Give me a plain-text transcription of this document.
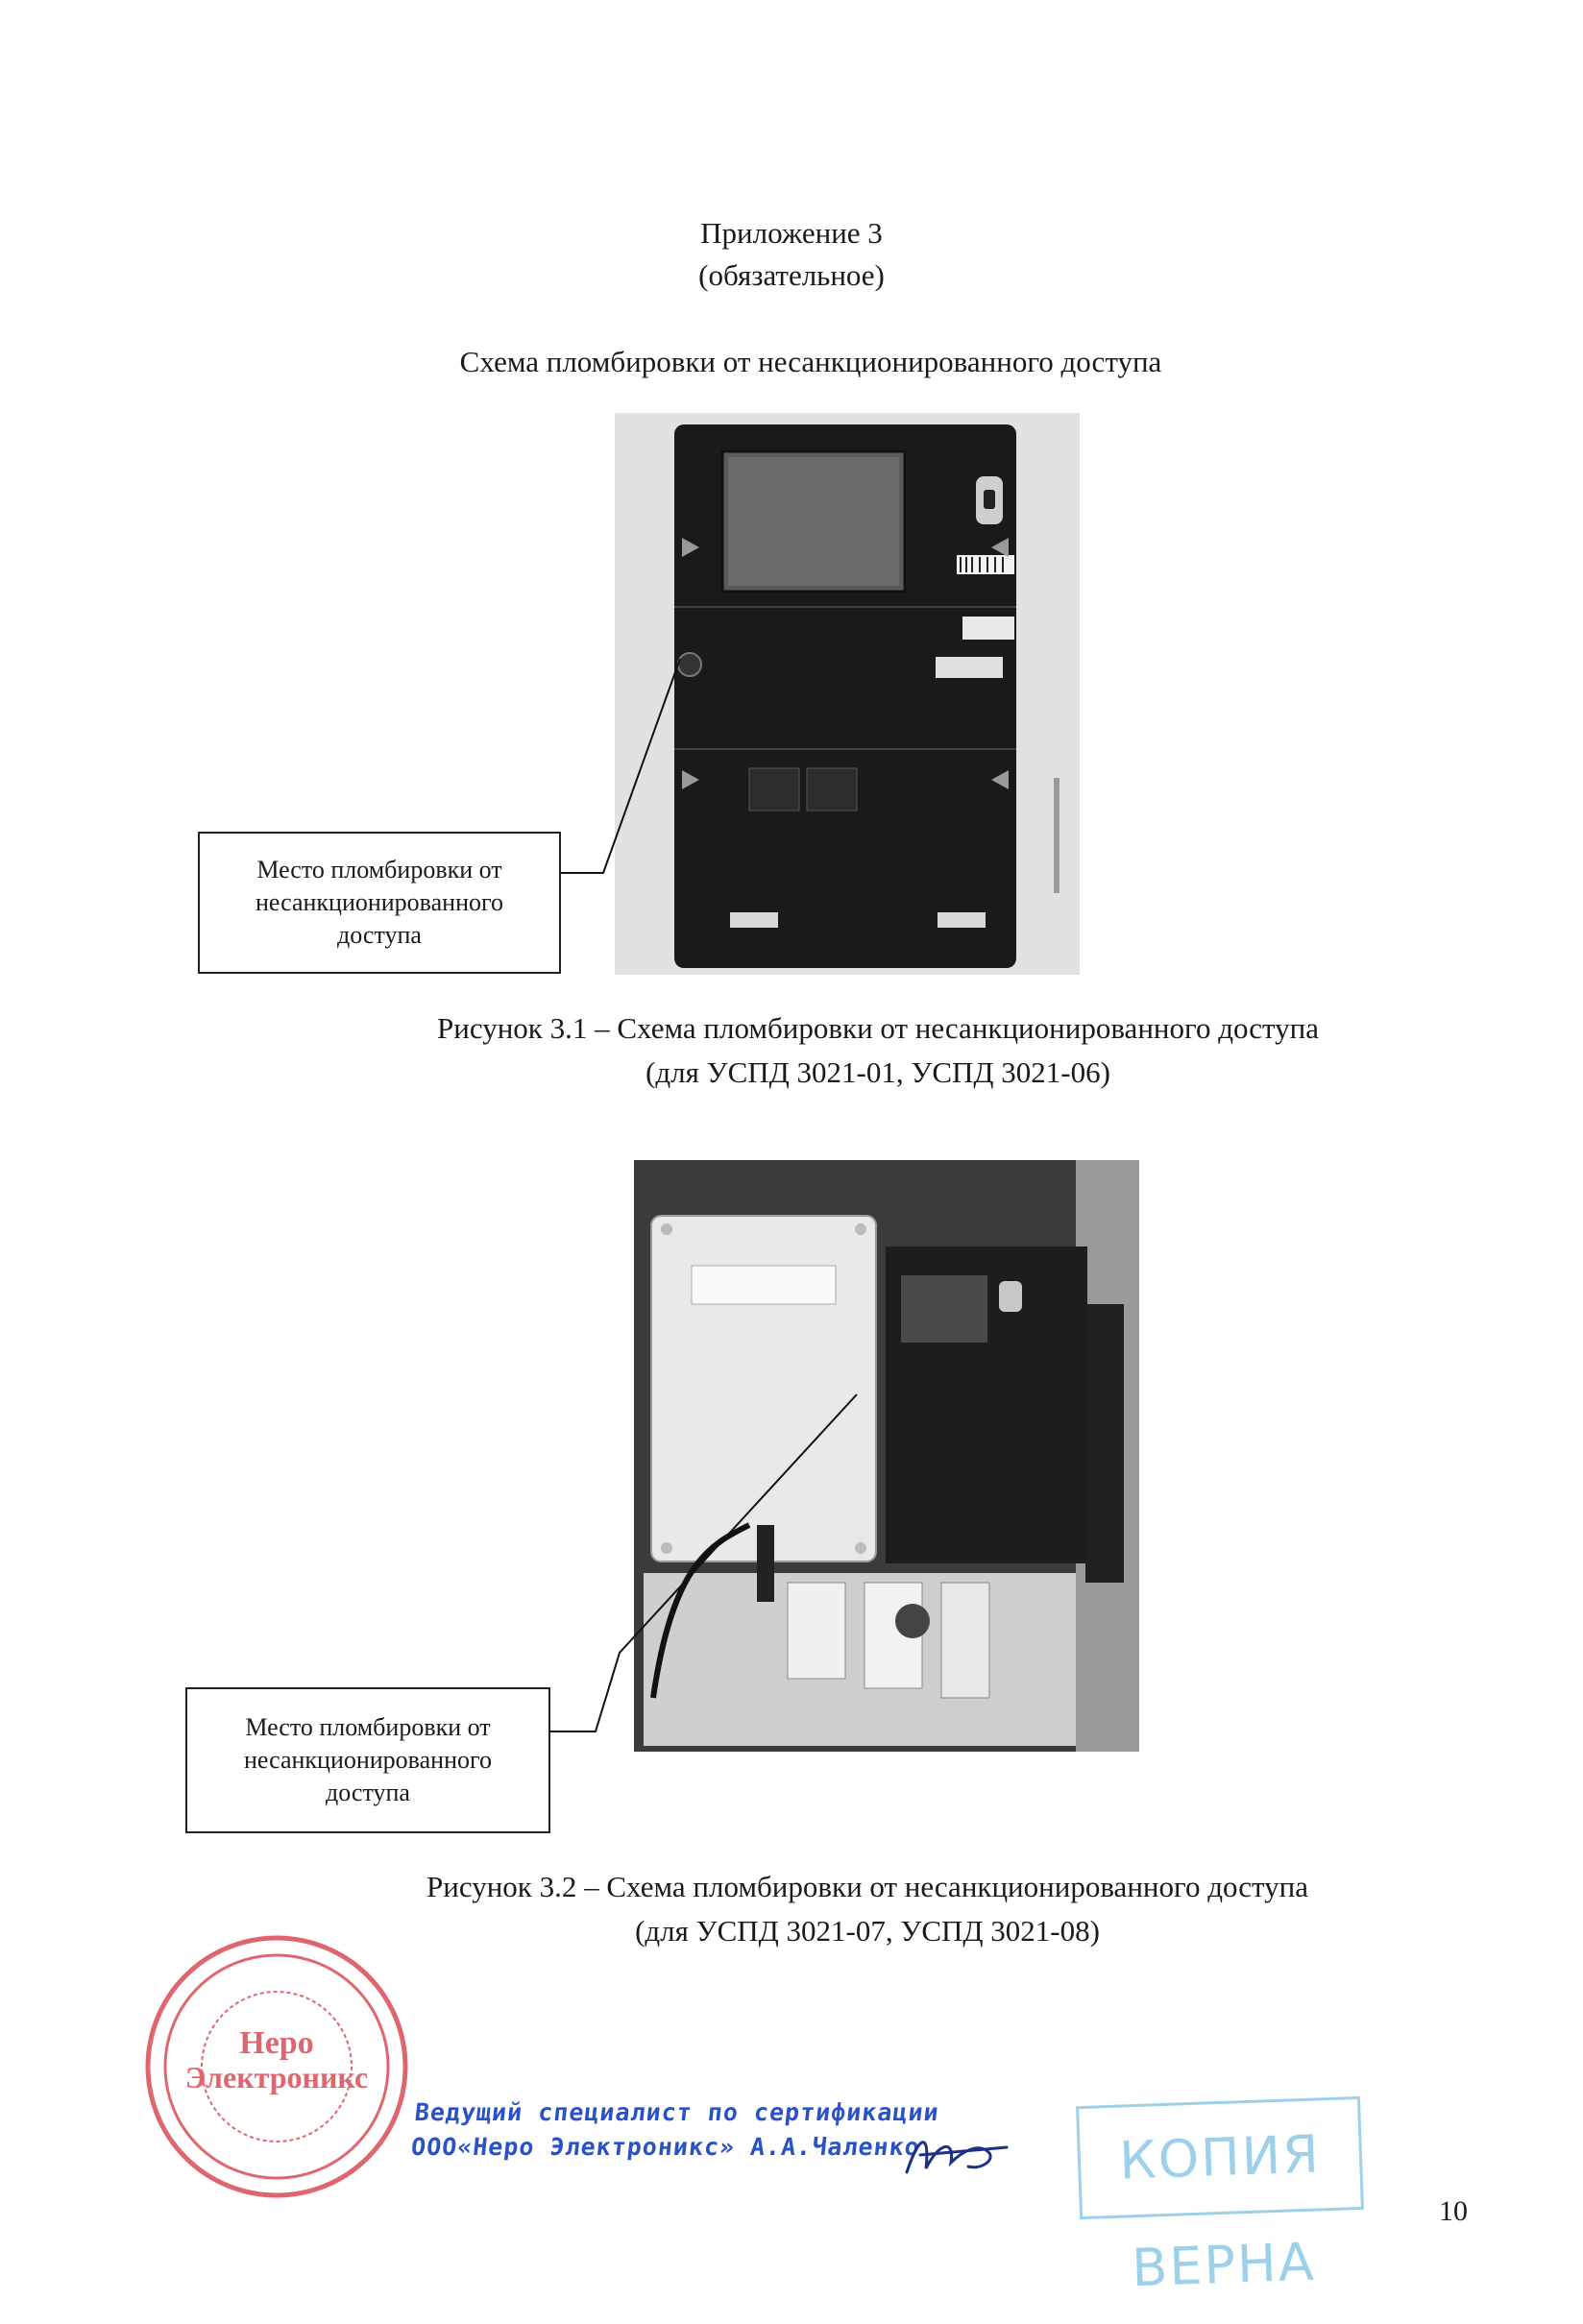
Приложение 3
(обязательное)
Схема пломбировки от несанкционированного доступа
Место пломбировки от
несанкционированного
доступа
Место пломбировки от
несанкционированного
доступа
Рисунок 3.1 – Схема пломбировки от несанкционированного доступа
(для УСПД 3021-01, УСПД 3021-06)
Рисунок 3.2 – Схема пломбировки от несанкционированного доступа
(для УСПД 3021-07, УСПД 3021-08)
Неро
Электроникс
Ведущий специалист по сертификации
ООО«Неро Электроникс» А.А.Чаленко	КОПИЯ ВЕРНА
10
